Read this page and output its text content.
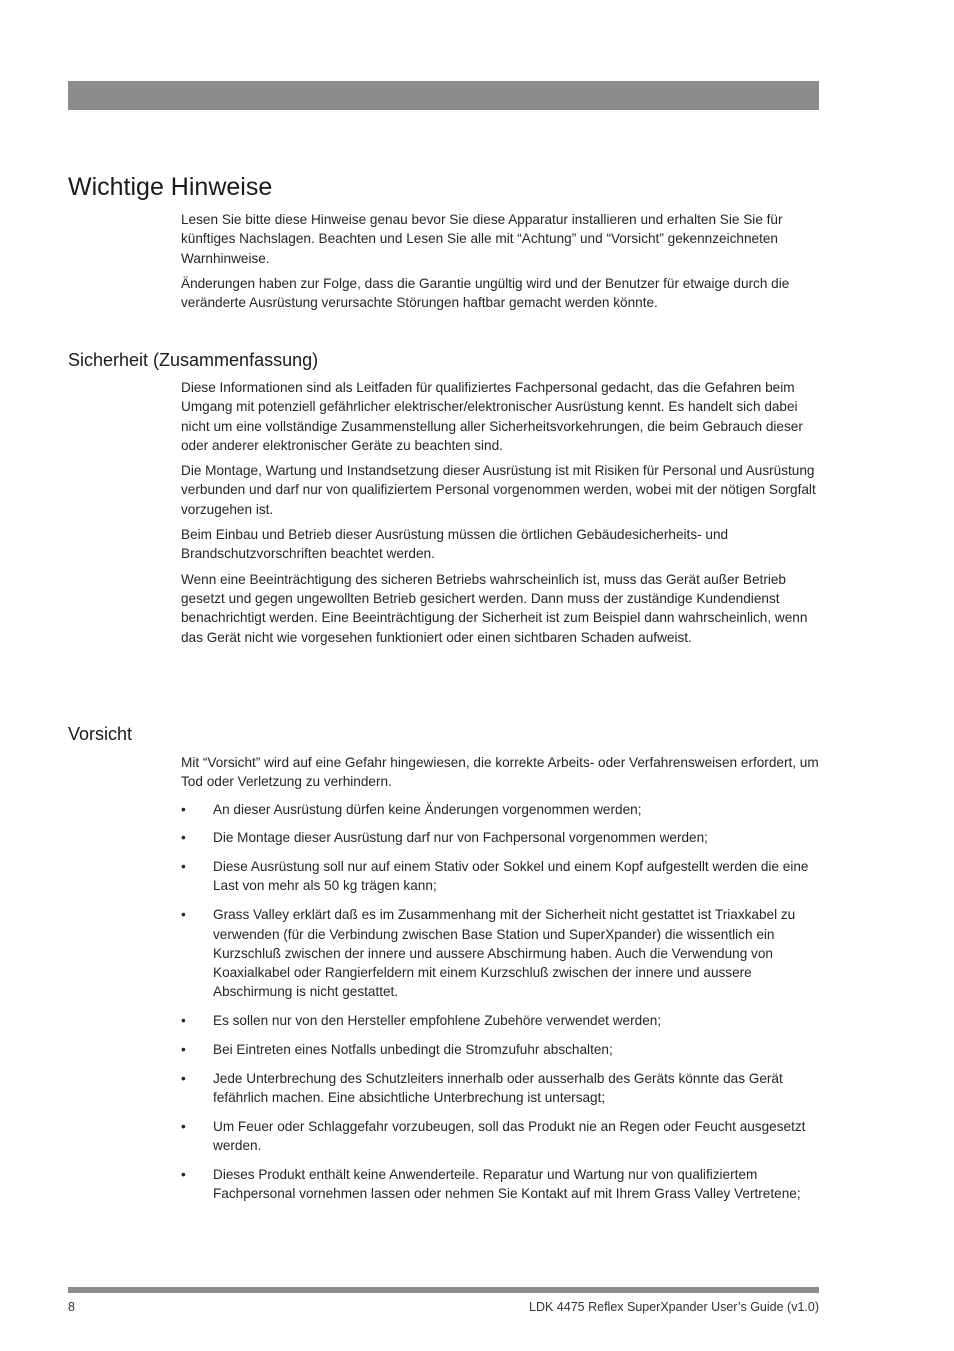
Wichtige Hinweise

Lesen Sie bitte diese Hinweise genau bevor Sie diese Apparatur installieren und erhalten Sie Sie für künftiges Nachslagen. Beachten und Lesen Sie alle mit “Achtung” und “Vorsicht” gekennzeichneten Warnhinweise.

Änderungen haben zur Folge, dass die Garantie ungültig wird und der Benutzer für etwaige durch die veränderte Ausrüstung verursachte Störungen haftbar gemacht werden könnte.

Sicherheit (Zusammenfassung)

Diese Informationen sind als Leitfaden für qualifiziertes Fachpersonal gedacht, das die Gefahren beim Umgang mit potenziell gefährlicher elektrischer/elektronischer Ausrüstung kennt. Es handelt sich dabei nicht um eine vollständige Zusammenstellung aller Sicherheitsvorkehrungen, die beim Gebrauch dieser oder anderer elektronischer Geräte zu beachten sind.

Die Montage, Wartung und Instandsetzung dieser Ausrüstung ist mit Risiken für Personal und Ausrüstung verbunden und darf nur von qualifiziertem Personal vorgenommen werden, wobei mit der nötigen Sorgfalt vorzugehen ist.

Beim Einbau und Betrieb dieser Ausrüstung müssen die örtlichen Gebäudesicherheits- und Brandschutzvorschriften beachtet werden.

Wenn eine Beeinträchtigung des sicheren Betriebs wahrscheinlich ist, muss das Gerät außer Betrieb gesetzt und gegen ungewollten Betrieb gesichert werden. Dann muss der zuständige Kundendienst benachrichtigt werden. Eine Beeinträchtigung der Sicherheit ist zum Beispiel dann wahrscheinlich, wenn das Gerät nicht wie vorgesehen funktioniert oder einen sichtbaren Schaden aufweist.

Vorsicht

Mit “Vorsicht” wird auf eine Gefahr hingewiesen, die korrekte Arbeits- oder Verfahrensweisen erfordert, um Tod oder Verletzung zu verhindern.

• An dieser Ausrüstung dürfen keine Änderungen vorgenommen werden;
• Die Montage dieser Ausrüstung darf nur von Fachpersonal vorgenommen werden;
• Diese Ausrüstung soll nur auf einem Stativ oder Sokkel und einem Kopf aufgestellt werden die eine Last von mehr als 50 kg trägen kann;
• Grass Valley erklärt daß es im Zusammenhang mit der Sicherheit nicht gestattet ist Triaxkabel zu verwenden (für die Verbindung zwischen Base Station und SuperXpander) die wissentlich ein Kurzschluß zwischen der innere und aussere Abschirmung haben. Auch die Verwendung von Koaxialkabel oder Rangierfeldern mit einem Kurzschluß zwischen der innere und aussere Abschirmung is nicht gestattet.
• Es sollen nur von den Hersteller empfohlene Zubehöre verwendet werden;
• Bei Eintreten eines Notfalls unbedingt die Stromzufuhr abschalten;
• Jede Unterbrechung des Schutzleiters innerhalb oder ausserhalb des Geräts könnte das Gerät fefährlich machen. Eine absichtliche Unterbrechung ist untersagt;
• Um Feuer oder Schlaggefahr vorzubeugen, soll das Produkt nie an Regen oder Feucht ausgesetzt werden.
• Dieses Produkt enthält keine Anwenderteile. Reparatur und Wartung nur von qualifiziertem Fachpersonal vornehmen lassen oder nehmen Sie Kontakt auf mit Ihrem Grass Valley Vertretene;
8	LDK 4475 Reflex SuperXpander User’s Guide (v1.0)
